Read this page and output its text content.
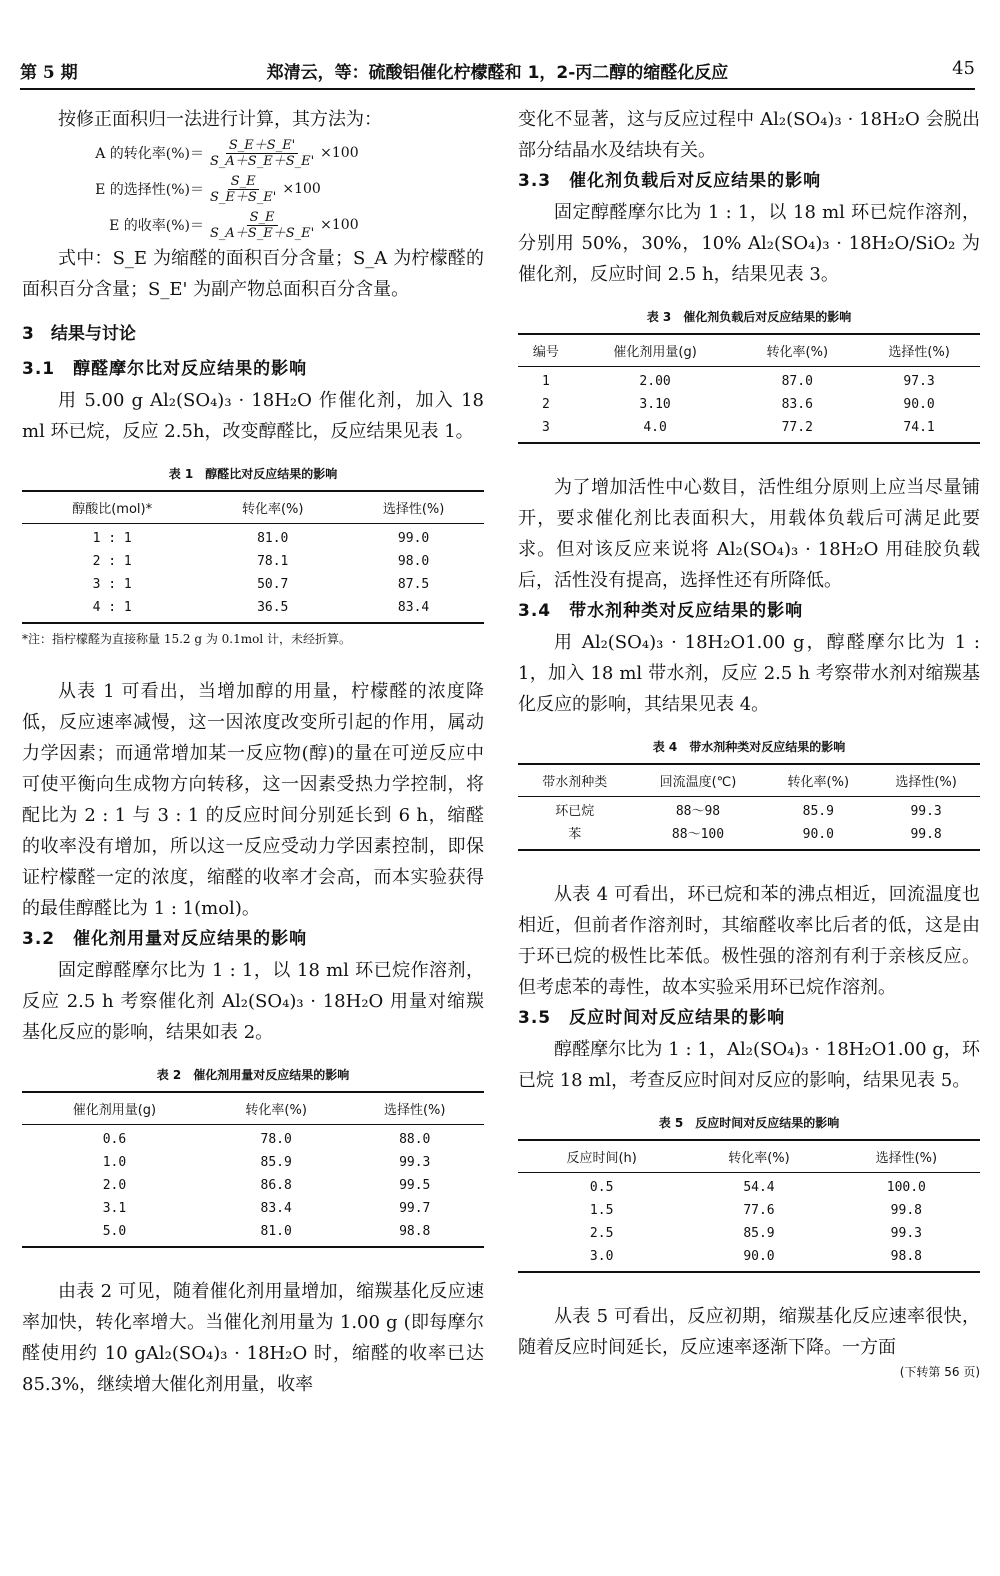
第 5 期	郑清云，等：硫酸铝催化柠檬醛和 1，2-丙二醇的缩醛化反应	45

按修正面积归一法进行计算，其方法为：

A 的转化率(%)＝ $\frac{S\_E+S\_E'}{S\_A+S\_E+S\_E'} \times 100$
E 的选择性(%)＝ $\frac{S\_E}{S\_E+S\_E'} \times 100$
E 的收率(%)＝ $\frac{S\_E}{S\_A+S\_E+S\_E'} \times 100$

式中：S_E 为缩醛的面积百分含量；S_A 为柠檬醛的面积百分含量；S_E' 为副产物总面积百分含量。

3　结果与讨论
3.1　醇醛摩尔比对反应结果的影响

用 5.00 g Al₂(SO₄)₃ · 18H₂O 作催化剂，加入 18 ml 环已烷，反应 2.5h，改变醇醛比，反应结果见表 1。

表 1　醇醛比对反应结果的影响
醇酸比(mol)*	转化率(%)	选择性(%)
1 : 1	81.0	99.0
2 : 1	78.1	98.0
3 : 1	50.7	87.5
4 : 1	36.5	83.4
*注：指柠檬醛为直接称量 15.2 g 为 0.1mol 计，未经折算。

从表 1 可看出，当增加醇的用量，柠檬醛的浓度降低，反应速率减慢，这一因浓度改变所引起的作用，属动力学因素；而通常增加某一反应物(醇)的量在可逆反应中可使平衡向生成物方向转移，这一因素受热力学控制，将配比为 2 : 1 与 3 : 1 的反应时间分别延长到 6 h，缩醛的收率没有增加，所以这一反应受动力学因素控制，即保证柠檬醛一定的浓度，缩醛的收率才会高，而本实验获得的最佳醇醛比为 1 : 1(mol)。

3.2　催化剂用量对反应结果的影响

固定醇醛摩尔比为 1 : 1，以 18 ml 环已烷作溶剂，反应 2.5 h 考察催化剂 Al₂(SO₄)₃ · 18H₂O 用量对缩羰基化反应的影响，结果如表 2。

表 2　催化剂用量对反应结果的影响
催化剂用量(g)	转化率(%)	选择性(%)
0.6	78.0	88.0
1.0	85.9	99.3
2.0	86.8	99.5
3.1	83.4	99.7
5.0	81.0	98.8

由表 2 可见，随着催化剂用量增加，缩羰基化反应速率加快，转化率增大。当催化剂用量为 1.00 g (即每摩尔醛使用约 10 gAl₂(SO₄)₃ · 18H₂O 时，缩醛的收率已达 85.3%，继续增大催化剂用量，收率

变化不显著，这与反应过程中 Al₂(SO₄)₃ · 18H₂O 会脱出部分结晶水及结块有关。

3.3　催化剂负载后对反应结果的影响

固定醇醛摩尔比为 1 : 1，以 18 ml 环已烷作溶剂，分别用 50%，30%，10% Al₂(SO₄)₃ · 18H₂O/SiO₂ 为催化剂，反应时间 2.5 h，结果见表 3。

表 3　催化剂负载后对反应结果的影响
编号	催化剂用量(g)	转化率(%)	选择性(%)
1	2.00	87.0	97.3
2	3.10	83.6	90.0
3	4.0	77.2	74.1

为了增加活性中心数目，活性组分原则上应当尽量铺开，要求催化剂比表面积大，用载体负载后可满足此要求。但对该反应来说将 Al₂(SO₄)₃ · 18H₂O 用硅胶负载后，活性没有提高，选择性还有所降低。

3.4　带水剂种类对反应结果的影响

用 Al₂(SO₄)₃ · 18H₂O1.00 g，醇醛摩尔比为 1 : 1，加入 18 ml 带水剂，反应 2.5 h 考察带水剂对缩羰基化反应的影响，其结果见表 4。

表 4　带水剂种类对反应结果的影响
带水剂种类	回流温度(℃)	转化率(%)	选择性(%)
环已烷	88～98	85.9	99.3
苯	88～100	90.0	99.8

从表 4 可看出，环已烷和苯的沸点相近，回流温度也相近，但前者作溶剂时，其缩醛收率比后者的低，这是由于环已烷的极性比苯低。极性强的溶剂有利于亲核反应。但考虑苯的毒性，故本实验采用环已烷作溶剂。

3.5　反应时间对反应结果的影响

醇醛摩尔比为 1 : 1，Al₂(SO₄)₃ · 18H₂O1.00 g，环已烷 18 ml，考查反应时间对反应的影响，结果见表 5。

表 5　反应时间对反应结果的影响
反应时间(h)	转化率(%)	选择性(%)
0.5	54.4	100.0
1.5	77.6	99.8
2.5	85.9	99.3
3.0	90.0	98.8

从表 5 可看出，反应初期，缩羰基化反应速率很快，随着反应时间延长，反应速率逐渐下降。一方面

(下转第 56 页)
